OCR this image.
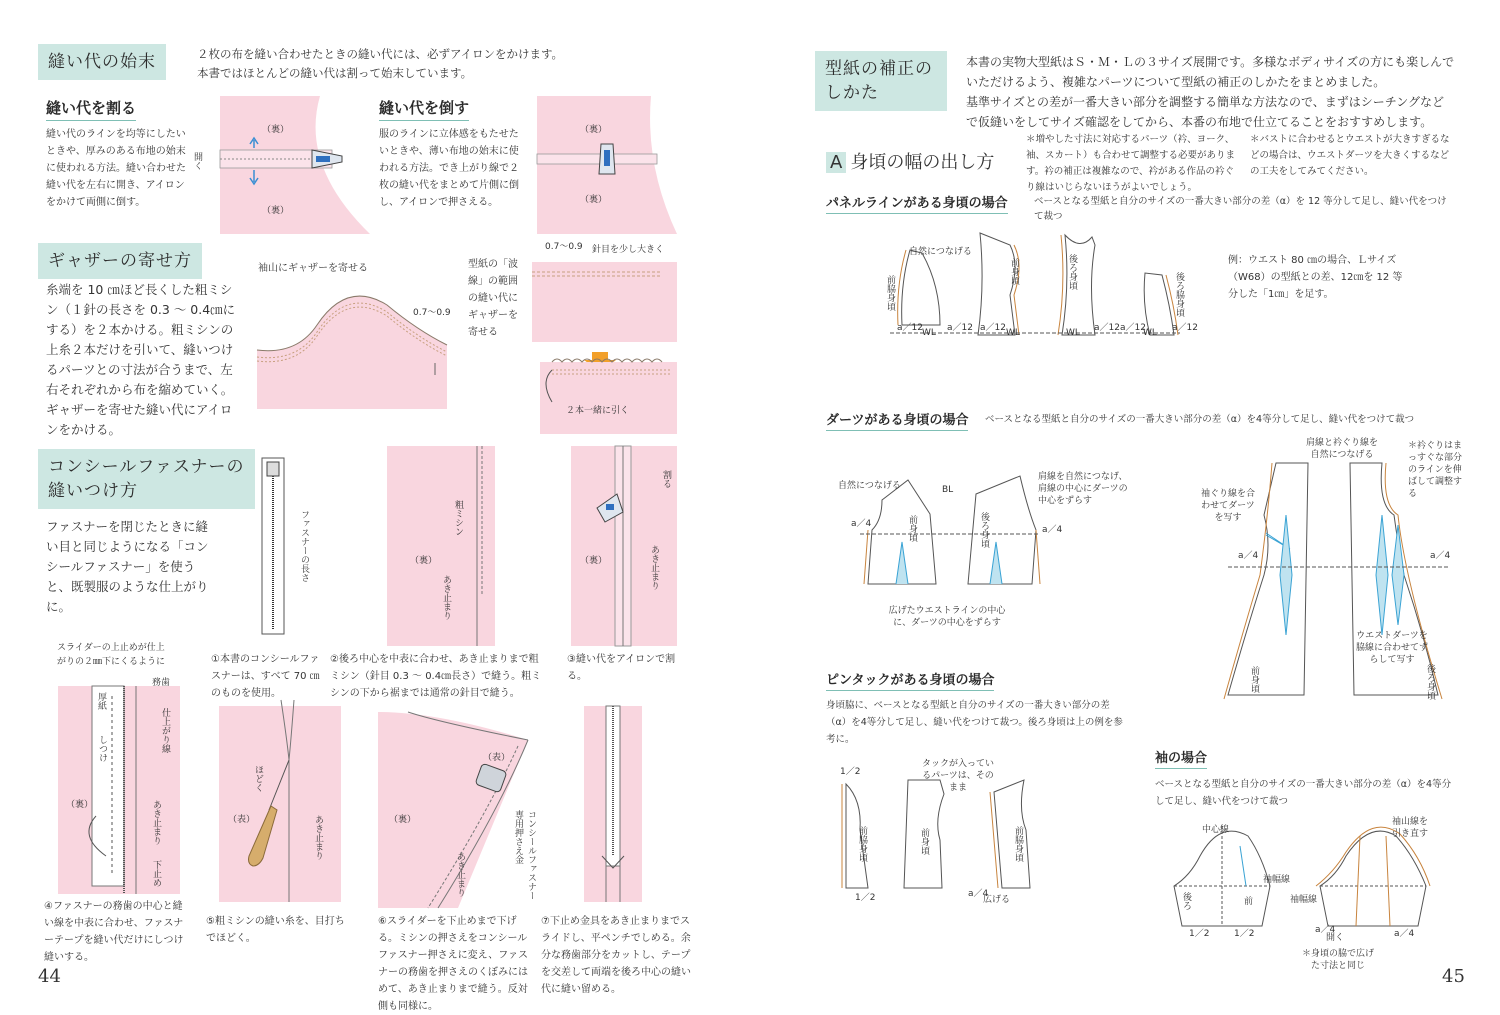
縫い代の始末	２枚の布を縫い合わせたときの縫い代には、必ずアイロンをかけます。
本書ではほとんどの縫い代は割って始末しています。
縫い代を割る
縫い代のラインを均等にしたいときや、厚みのある布地の始末に使われる方法。縫い合わせた縫い代を左右に開き、アイロンをかけて両側に倒す。
（裏）
（裏）
開く
縫い代を倒す
服のラインに立体感をもたせたいときや、薄い布地の始末に使われる方法。でき上がり線で２枚の縫い代をまとめて片側に倒し、アイロンで押さえる。
（裏）
（裏）
ギャザーの寄せ方
糸端を 10 ㎝ほど長くした粗ミシン（１針の長さを 0.3 ～ 0.4㎝にする）を２本かける。粗ミシンの上糸２本だけを引いて、縫いつけるパーツとの寸法が合うまで、左右それぞれから布を縮めていく。ギャザーを寄せた縫い代にアイロンをかける。
袖山にギャザーを寄せる
0.7～0.9
型紙の「波線」の範囲の縫い代にギャザーを寄せる
0.7～0.9 針目を少し大きく
２本一緒に引く
コンシールファスナーの
縫いつけ方
ファスナーを閉じたときに縫い目と同じようになる「コンシールファスナー」を使うと、既製服のような仕上がりに。
ファスナーの長さ	（裏）
粗ミシン
あき止まり
割る
（裏）	あき止まり
①本書のコンシールファスナーは、すべて 70 ㎝のものを使用。
②後ろ中心を中表に合わせ、あき止まりまで粗ミシン（針目 0.3 ～ 0.4㎝長さ）で縫う。粗ミシンの下から裾までは通常の針目で縫う。
③縫い代をアイロンで割る。
スライダーの上止めが仕上がりの２㎜下にくるように
務歯
厚紙
しつけ	仕上がり線
（裏）	あき止まり
下止め
④ファスナーの務歯の中心と縫い線を中表に合わせ、ファスナーテープを縫い代だけにしつけ縫いする。
ほどく
（表）	あき止まり
⑤粗ミシンの縫い糸を、目打ちでほどく。
（表）
（裏）	コンシールファスナー専用押さえ金
あき止まり
⑥スライダーを下止めまで下げる。ミシンの押さえをコンシールファスナー押さえに変え、ファスナーの務歯を押さえのくぼみにはめて、あき止まりまで縫う。反対側も同様に。
⑦下止め金具をあき止まりまでスライドし、平ペンチでしめる。余分な務歯部分をカットし、テープを交差して両端を後ろ中心の縫い代に縫い留める。
44
型紙の補正の
しかた
本書の実物大型紙はＳ・Ｍ・Ｌの３サイズ展開です。多様なボディサイズの方にも楽しんで
いただけるよう、複雑なパーツについて型紙の補正のしかたをまとめました。
基準サイズとの差が一番大きい部分を調整する簡単な方法なので、まずはシーチングなど
で仮縫いをしてサイズ確認をしてから、本番の布地で仕立てることをおすすめします。
A 身頃の幅の出し方
＊増やした寸法に対応するパーツ（衿、ヨーク、袖、スカート）も合わせて調整する必要があります。衿の補正は複雑なので、衿がある作品の衿ぐり線はいじらないほうがよいでしょう。
＊バストに合わせるとウエストが大きすぎるなどの場合は、ウエストダーツを大きくするなどの工夫をしてみてください。
パネルラインがある身頃の場合	ベースとなる型紙と自分のサイズの一番大きい部分の差（α）を 12 等分して足し、縫い代をつけて裁つ
例：ウエスト 80 ㎝の場合、Ｌサイズ（W68）の型紙との差、12㎝を 12 等分した「1㎝」を足す。
自然につなげる
前脇身頃
前身頃	後ろ身頃	後ろ脇身頃
a／12 WL a／12 a／12 WL	WL a／12 a／12
WL a／12
ダーツがある身頃の場合 ベースとなる型紙と自分のサイズの一番大きい部分の差（α）を4等分して足し、縫い代をつけて裁つ
自然につなげる	BL
肩線を自然につなげ、肩線の中心にダーツの中心をずらす
前身頃	後ろ身頃
a／4
a／4
広げたウエストラインの中心に、ダーツの中心をずらす
肩線と衿ぐり線を自然につなげる
＊衿ぐりはまっすぐな部分のラインを伸ばして調整する
袖ぐり線を合わせてダーツを写す
a／4	a／4
ウエストダーツを脇線に合わせてずらして写す
前身頃	後ろ身頃
ピンタックがある身頃の場合
身頃脇に、ベースとなる型紙と自分のサイズの一番大きい部分の差（α）を4等分して足し、縫い代をつけて裁つ。後ろ身頃は上の例を参考に。
1／2
タックが入っているパーツは、そのまま
前脇身頃	前身頃	前脇身頃
1／2	a／4
広げる
袖の場合
ベースとなる型紙と自分のサイズの一番大きい部分の差（α）を4等分して足し、縫い代をつけて裁つ
中心線
袖幅線
袖幅線
袖山線を引き直す
後ろ	前
1／2	1／2	a／4
開く	a／4
＊身頃の脇で広げた寸法と同じ	45
